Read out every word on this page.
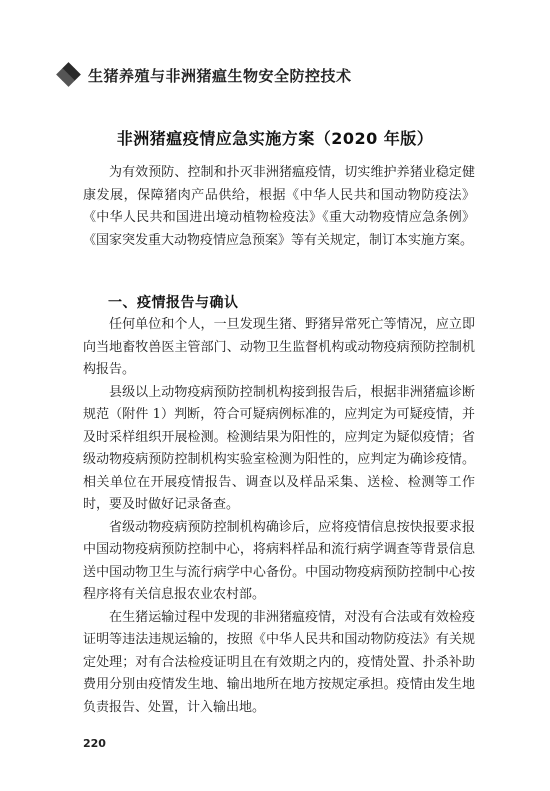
生猪养殖与非洲猪瘟生物安全防控技术
非洲猪瘟疫情应急实施方案（2020 年版）

为有效预防、控制和扑灭非洲猪瘟疫情，切实维护养猪业稳定健康发展，保障猪肉产品供给，根据《中华人民共和国动物防疫法》《中华人民共和国进出境动植物检疫法》《重大动物疫情应急条例》《国家突发重大动物疫情应急预案》等有关规定，制订本实施方案。

一、疫情报告与确认

任何单位和个人，一旦发现生猪、野猪异常死亡等情况，应立即向当地畜牧兽医主管部门、动物卫生监督机构或动物疫病预防控制机构报告。

县级以上动物疫病预防控制机构接到报告后，根据非洲猪瘟诊断规范（附件 1）判断，符合可疑病例标准的，应判定为可疑疫情，并及时采样组织开展检测。检测结果为阳性的，应判定为疑似疫情；省级动物疫病预防控制机构实验室检测为阳性的，应判定为确诊疫情。相关单位在开展疫情报告、调查以及样品采集、送检、检测等工作时，要及时做好记录备查。

省级动物疫病预防控制机构确诊后，应将疫情信息按快报要求报中国动物疫病预防控制中心，将病料样品和流行病学调查等背景信息送中国动物卫生与流行病学中心备份。中国动物疫病预防控制中心按程序将有关信息报农业农村部。

在生猪运输过程中发现的非洲猪瘟疫情，对没有合法或有效检疫证明等违法违规运输的，按照《中华人民共和国动物防疫法》有关规定处理；对有合法检疫证明且在有效期之内的，疫情处置、扑杀补助费用分别由疫情发生地、输出地所在地方按规定承担。疫情由发生地负责报告、处置，计入输出地。

220
